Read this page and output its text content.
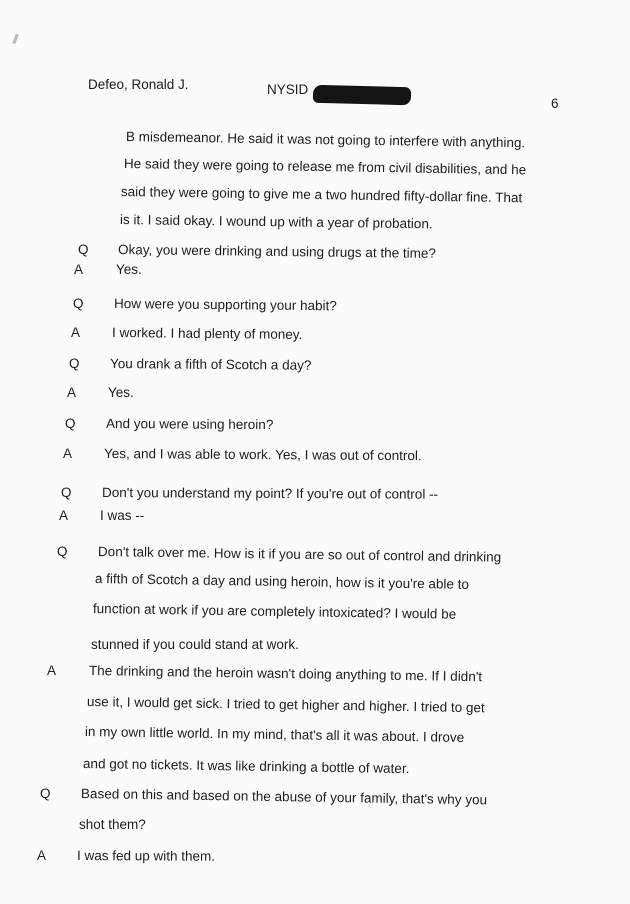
Defeo, Ronald J.	NYSID
6
B misdemeanor. He said it was not going to interfere with anything.
He said they were going to release me from civil disabilities, and he
said they were going to give me a two hundred fifty-dollar fine. That
is it. I said okay. I wound up with a year of probation.
Q Okay, you were drinking and using drugs at the time?
A Yes.
Q How were you supporting your habit?
A I worked. I had plenty of money.
Q You drank a fifth of Scotch a day?
A Yes.
Q And you were using heroin?
A Yes, and I was able to work. Yes, I was out of control.
Q Don't you understand my point? If you're out of control --
A I was --
Q Don't talk over me. How is it if you are so out of control and drinking
a fifth of Scotch a day and using heroin, how is it you're able to
function at work if you are completely intoxicated? I would be
stunned if you could stand at work.
A The drinking and the heroin wasn't doing anything to me. If I didn't
use it, I would get sick. I tried to get higher and higher. I tried to get
in my own little world. In my mind, that's all it was about. I drove
and got no tickets. It was like drinking a bottle of water.
Q Based on this and based on the abuse of your family, that's why you
shot them?
A I was fed up with them.
